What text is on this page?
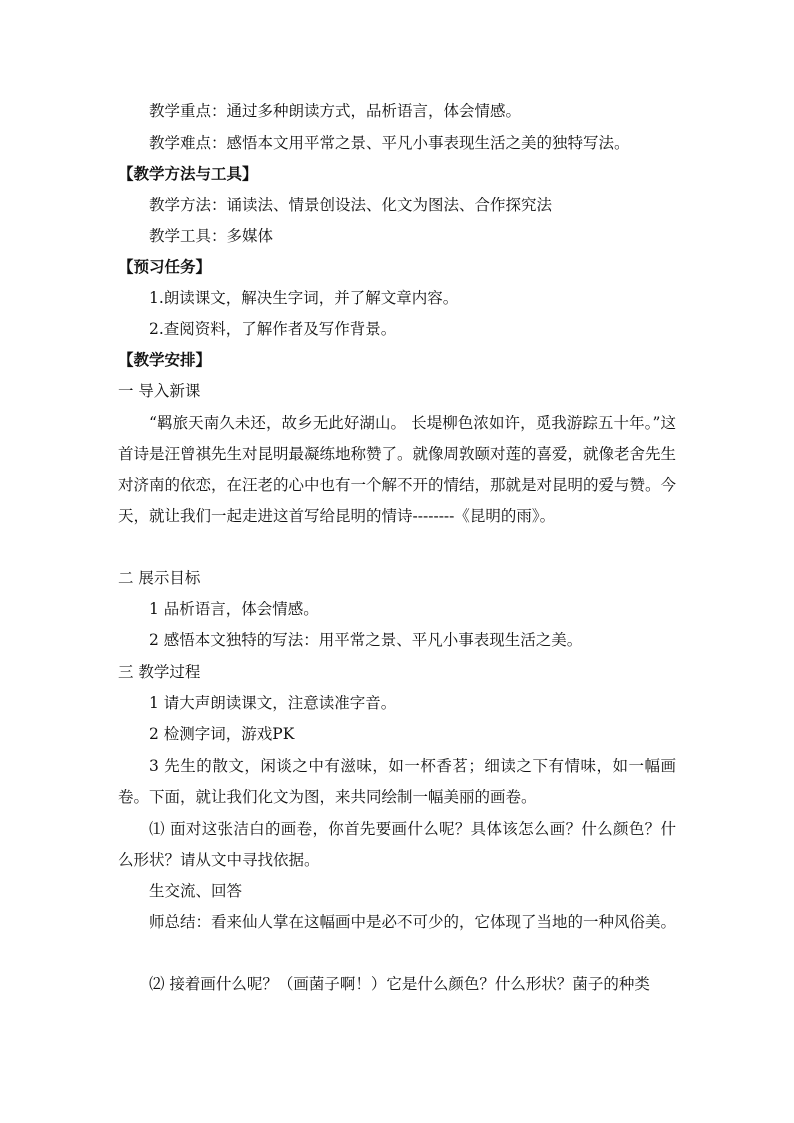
教学重点：通过多种朗读方式，品析语言，体会情感。
教学难点：感悟本文用平常之景、平凡小事表现生活之美的独特写法。
【教学方法与工具】
教学方法：诵读法、情景创设法、化文为图法、合作探究法
教学工具：多媒体
【预习任务】
1.朗读课文，解决生字词，并了解文章内容。
2.查阅资料，了解作者及写作背景。
【教学安排】
一 导入新课
“羁旅天南久未还，故乡无此好湖山。 长堤柳色浓如许，觅我游踪五十年。”这首诗是汪曾祺先生对昆明最凝练地称赞了。就像周敦颐对莲的喜爱，就像老舍先生对济南的依恋，在汪老的心中也有一个解不开的情结，那就是对昆明的爱与赞。今天，就让我们一起走进这首写给昆明的情诗--------《昆明的雨》。
二 展示目标
1 品析语言，体会情感。
2 感悟本文独特的写法：用平常之景、平凡小事表现生活之美。
三 教学过程
1 请大声朗读课文，注意读准字音。
2 检测字词，游戏PK
3 先生的散文，闲谈之中有滋味，如一杯香茗；细读之下有情味，如一幅画卷。下面，就让我们化文为图，来共同绘制一幅美丽的画卷。
⑴ 面对这张洁白的画卷，你首先要画什么呢？具体该怎么画？什么颜色？什么形状？请从文中寻找依据。
生交流、回答
师总结：看来仙人掌在这幅画中是必不可少的，它体现了当地的一种风俗美。
⑵ 接着画什么呢？（画菌子啊！）它是什么颜色？什么形状？菌子的种类
